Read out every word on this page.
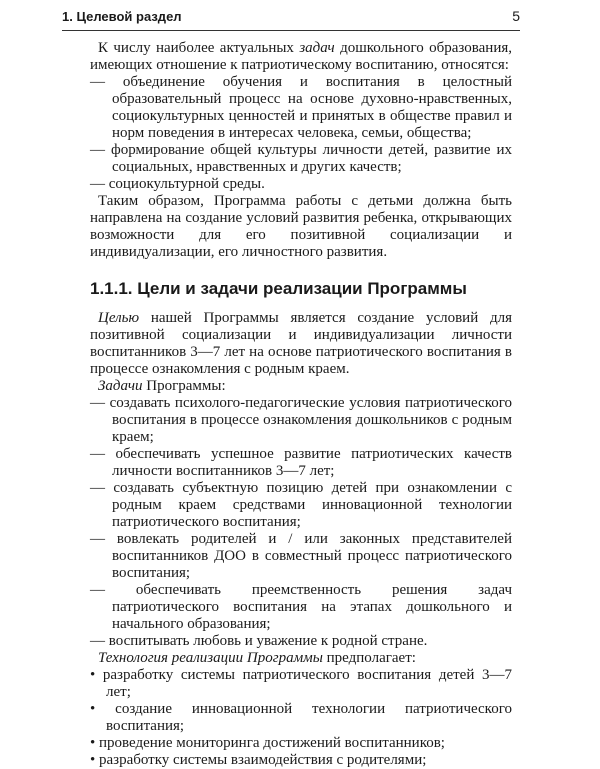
1. Целевой раздел	5

К числу наиболее актуальных задач дошкольного образования, имеющих отношение к патриотическому воспитанию, относятся:

— объединение обучения и воспитания в целостный образовательный процесс на основе духовно-нравственных, социокультурных ценностей и принятых в обществе правил и норм поведения в интересах человека, семьи, общества;

— формирование общей культуры личности детей, развитие их социальных, нравственных и других качеств;

— социокультурной среды.

Таким образом, Программа работы с детьми должна быть направлена на создание условий развития ребенка, открывающих возможности для его позитивной социализации и индивидуализации, его личностного развития.

1.1.1. Цели и задачи реализации Программы

Целью нашей Программы является создание условий для позитивной социализации и индивидуализации личности воспитанников 3—7 лет на основе патриотического воспитания в процессе ознакомления с родным краем.

Задачи Программы:

— создавать психолого-педагогические условия патриотического воспитания в процессе ознакомления дошкольников с родным краем;

— обеспечивать успешное развитие патриотических качеств личности воспитанников 3—7 лет;

— создавать субъектную позицию детей при ознакомлении с родным краем средствами инновационной технологии патриотического воспитания;

— вовлекать родителей и / или законных представителей воспитанников ДОО в совместный процесс патриотического воспитания;

— обеспечивать преемственность решения задач патриотического воспитания на этапах дошкольного и начального образования;

— воспитывать любовь и уважение к родной стране.

Технология реализации Программы предполагает:

• разработку системы патриотического воспитания детей 3—7 лет;

• создание инновационной технологии патриотического воспитания;

• проведение мониторинга достижений воспитанников;

• разработку системы взаимодействия с родителями;
